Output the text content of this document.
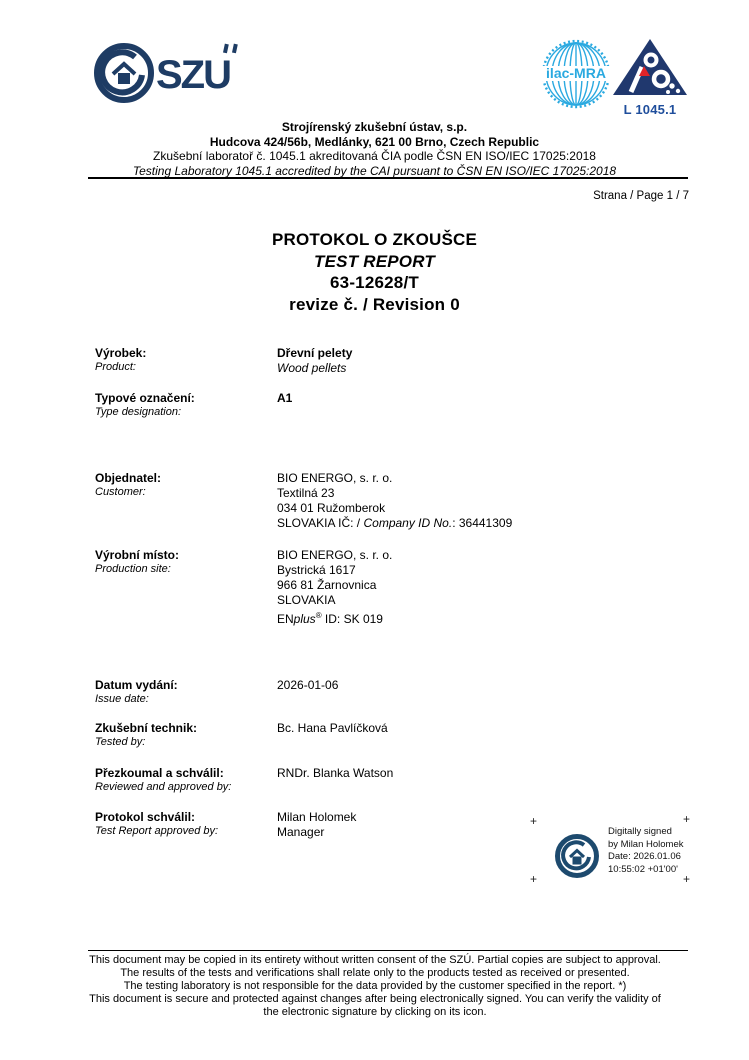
SZU	ilac-MRA
L 1045.1
Strojírenský zkušební ústav, s.p.
Hudcova 424/56b, Medlánky, 621 00 Brno, Czech Republic
Zkušební laboratoř č. 1045.1 akreditovaná ČIA podle ČSN EN ISO/IEC 17025:2018
Testing Laboratory 1045.1 accredited by the CAI pursuant to ČSN EN ISO/IEC 17025:2018
Strana / Page 1 / 7
PROTOKOL O ZKOUŠCE
TEST REPORT
63-12628/T
revize č. / Revision 0
Výrobek:
Product:
Dřevní pelety
Wood pellets
Typové označení:
Type designation:
A1
Objednatel:
Customer:
BIO ENERGO, s. r. o.
Textilná 23
034 01 Ružomberok
SLOVAKIA IČ: / Company ID No.: 36441309
Výrobní místo:
Production site:
BIO ENERGO, s. r. o.
Bystrická 1617
966 81 Žarnovnica
SLOVAKIA
ENplus® ID: SK 019
Datum vydání:
Issue date:
2026-01-06
Zkušební technik:
Tested by:
Bc. Hana Pavlíčková
Přezkoumal a schválil:
Reviewed and approved by:
RNDr. Blanka Watson
Protokol schválil:
Test Report approved by:
Milan Holomek
Manager
+	+
+	+
Digitally signed
by Milan Holomek
Date: 2026.01.06
10:55:02 +01'00'
This document may be copied in its entirety without written consent of the SZÚ. Partial copies are subject to approval.
The results of the tests and verifications shall relate only to the products tested as received or presented.
The testing laboratory is not responsible for the data provided by the customer specified in the report. *)
This document is secure and protected against changes after being electronically signed. You can verify the validity of
the electronic signature by clicking on its icon.
